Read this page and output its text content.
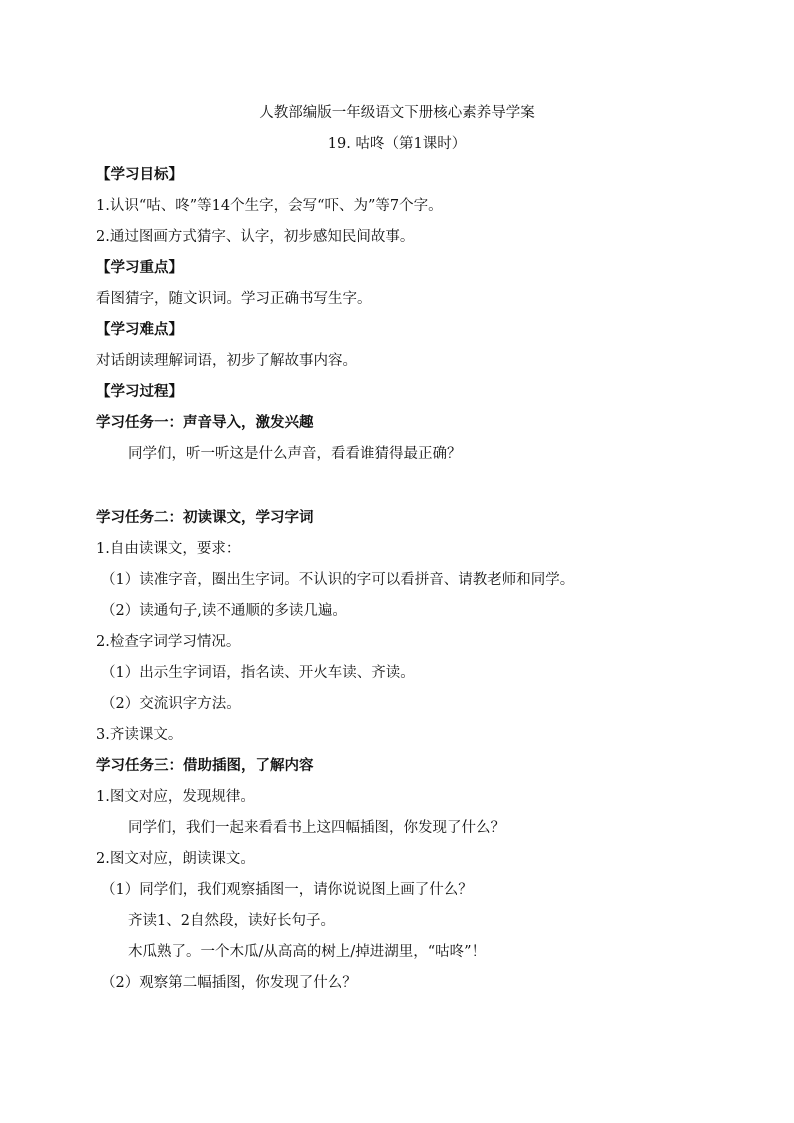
人教部编版一年级语文下册核心素养导学案
19. 咕咚（第1课时）
【学习目标】
1.认识“咕、咚”等14个生字，会写“吓、为”等7个字。
2.通过图画方式猜字、认字，初步感知民间故事。
【学习重点】
看图猜字，随文识词。学习正确书写生字。
【学习难点】
对话朗读理解词语，初步了解故事内容。
【学习过程】
学习任务一：声音导入，激发兴趣
同学们，听一听这是什么声音，看看谁猜得最正确？
学习任务二：初读课文，学习字词
1.自由读课文，要求：
（1）读准字音，圈出生字词。不认识的字可以看拼音、请教老师和同学。
（2）读通句子,读不通顺的多读几遍。
2.检查字词学习情况。
（1）出示生字词语，指名读、开火车读、齐读。
（2）交流识字方法。
3.齐读课文。
学习任务三：借助插图，了解内容
1.图文对应，发现规律。
同学们，我们一起来看看书上这四幅插图，你发现了什么？
2.图文对应，朗读课文。
（1）同学们，我们观察插图一，请你说说图上画了什么？
齐读1、2自然段，读好长句子。
木瓜熟了。一个木瓜/从高高的树上/掉进湖里，“咕咚”！
（2）观察第二幅插图，你发现了什么？
